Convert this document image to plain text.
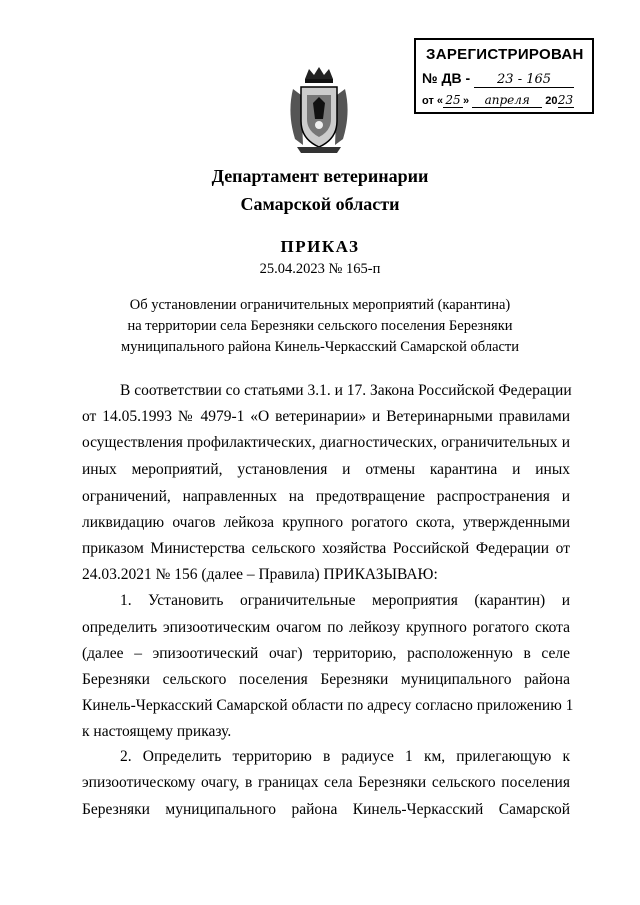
ЗАРЕГИСТРИРОВАН
№ ДВ - 23 - 165
от « 25 » апреля 2023
Департамент ветеринарии
Самарской области
ПРИКАЗ
25.04.2023 № 165-п
Об установлении ограничительных мероприятий (карантина)
на территории села Березняки сельского поселения Березняки
муниципального района Кинель-Черкасский Самарской области
В соответствии со статьями 3.1. и 17. Закона Российской Федерации
от 14.05.1993 № 4979-1 «О ветеринарии» и Ветеринарными правилами
осуществления профилактических, диагностических, ограничительных и
иных мероприятий, установления и отмены карантина и иных
ограничений, направленных на предотвращение распространения и
ликвидацию очагов лейкоза крупного рогатого скота, утвержденными
приказом Министерства сельского хозяйства Российской Федерации от
24.03.2021 № 156 (далее – Правила) ПРИКАЗЫВАЮ:
1. Установить ограничительные мероприятия (карантин) и
определить эпизоотическим очагом по лейкозу крупного рогатого скота
(далее – эпизоотический очаг) территорию, расположенную в селе
Березняки сельского поселения Березняки муниципального района
Кинель-Черкасский Самарской области по адресу согласно приложению 1
к настоящему приказу.
2. Определить территорию в радиусе 1 км, прилегающую к
эпизоотическому очагу, в границах села Березняки сельского поселения
Березняки муниципального района Кинель-Черкасский Самарской
